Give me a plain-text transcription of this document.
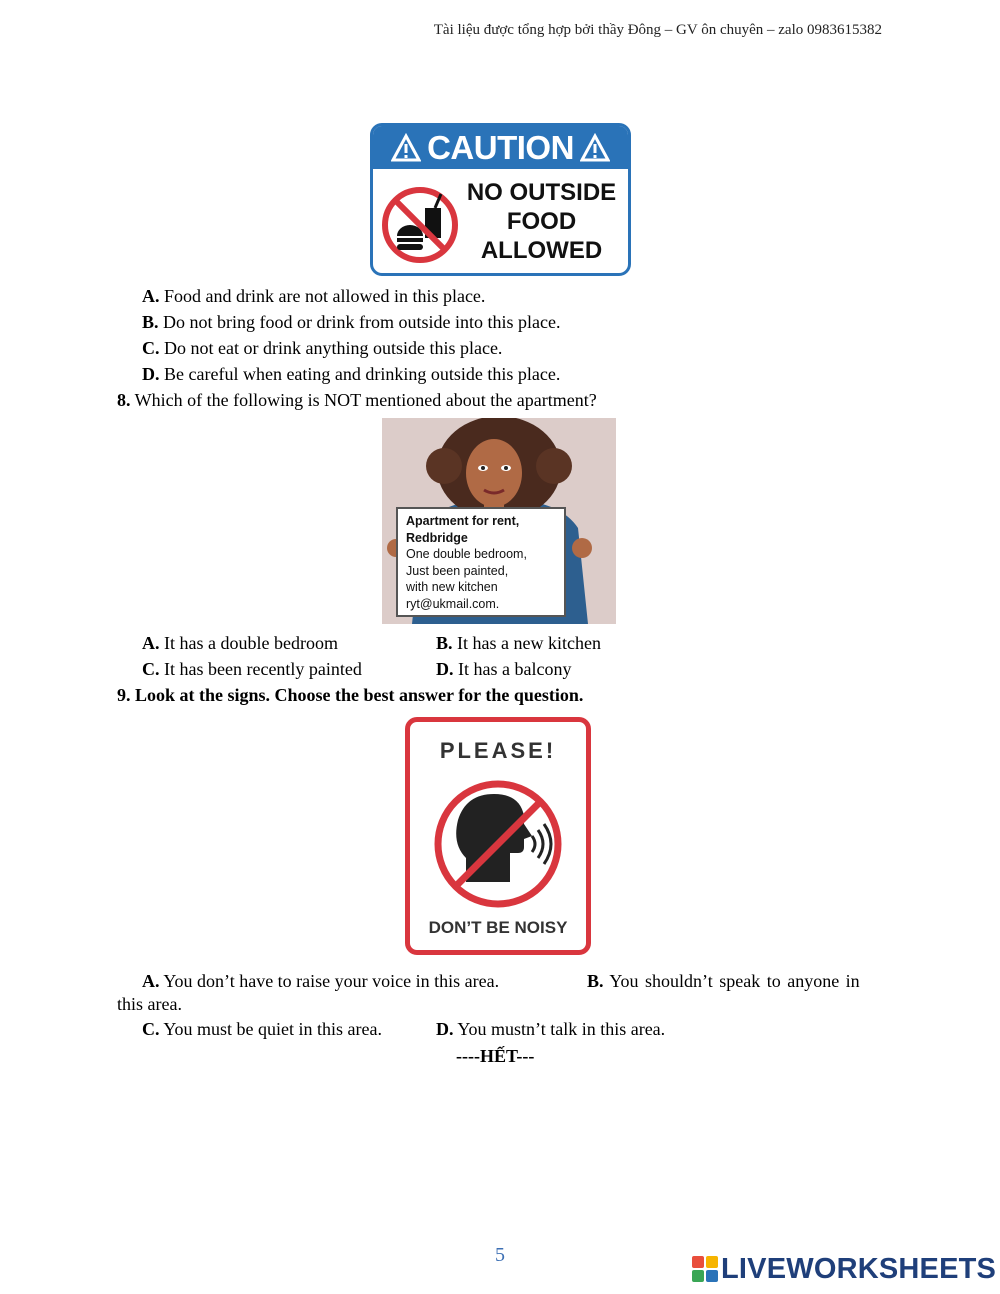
Tài liệu được tổng hợp bởi thầy Đông – GV ôn chuyên – zalo 0983615382
CAUTION
NO OUTSIDE
FOOD
ALLOWED
A. Food and drink are not allowed in this place.
B. Do not bring food or drink from outside into this place.
C. Do not eat or drink anything outside this place.
D. Be careful when eating and drinking outside this place.
8. Which of the following is NOT mentioned about the apartment?
Apartment for rent,
Redbridge
One double bedroom,
Just been painted,
with new kitchen
ryt@ukmail.com.
A. It has a double bedroom	B. It has a new kitchen
C. It has been recently painted	D. It has a balcony
9. Look at the signs. Choose the best answer for the question.
PLEASE!
DON’T BE NOISY
A. You don’t have to raise your voice in this area.	B. You shouldn’t speak to anyone in
this area.
C. You must be quiet in this area.	D. You mustn’t talk in this area.
----HẾT---
5	LIVEWORKSHEETS
